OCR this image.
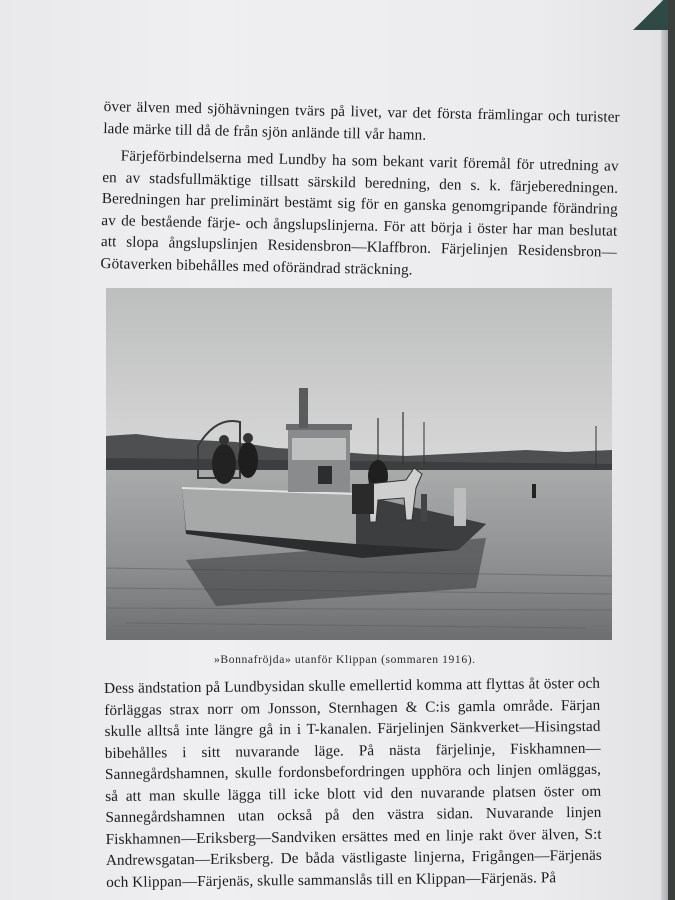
över älven med sjöhävningen tvärs på livet, var det första främlingar och turister lade märke till då de från sjön anlände till vår hamn.

Färjeförbindelserna med Lundby ha som bekant varit föremål för utredning av en av stadsfullmäktige tillsatt särskild beredning, den s. k. färjeberedningen. Beredningen har preliminärt bestämt sig för en ganska genomgripande förändring av de bestående färje- och ångslupslinjerna. För att börja i öster har man beslutat att slopa ångslupslinjen Residensbron—Klaffbron. Färjelinjen Residensbron—Götaverken bibehålles med oförändrad sträckning.

»Bonnafröjda» utanför Klippan (sommaren 1916).

Dess ändstation på Lundbysidan skulle emellertid komma att flyttas åt öster och förläggas strax norr om Jonsson, Sternhagen & C:is gamla område. Färjan skulle alltså inte längre gå in i T-kanalen. Färjelinjen Sänkverket—Hisingstad bibehålles i sitt nuvarande läge. På nästa färjelinje, Fiskhamnen—Sannegårdshamnen, skulle fordonsbefordringen upphöra och linjen omläggas, så att man skulle lägga till icke blott vid den nuvarande platsen öster om Sannegårdshamnen utan också på den västra sidan. Nuvarande linjen Fiskhamnen—Eriksberg—Sandviken ersättes med en linje rakt över älven, S:t Andrewsgatan—Eriksberg. De båda västligaste linjerna, Frigången—Färjenäs och Klippan—Färjenäs, skulle sammanslås till en Klippan—Färjenäs. På
